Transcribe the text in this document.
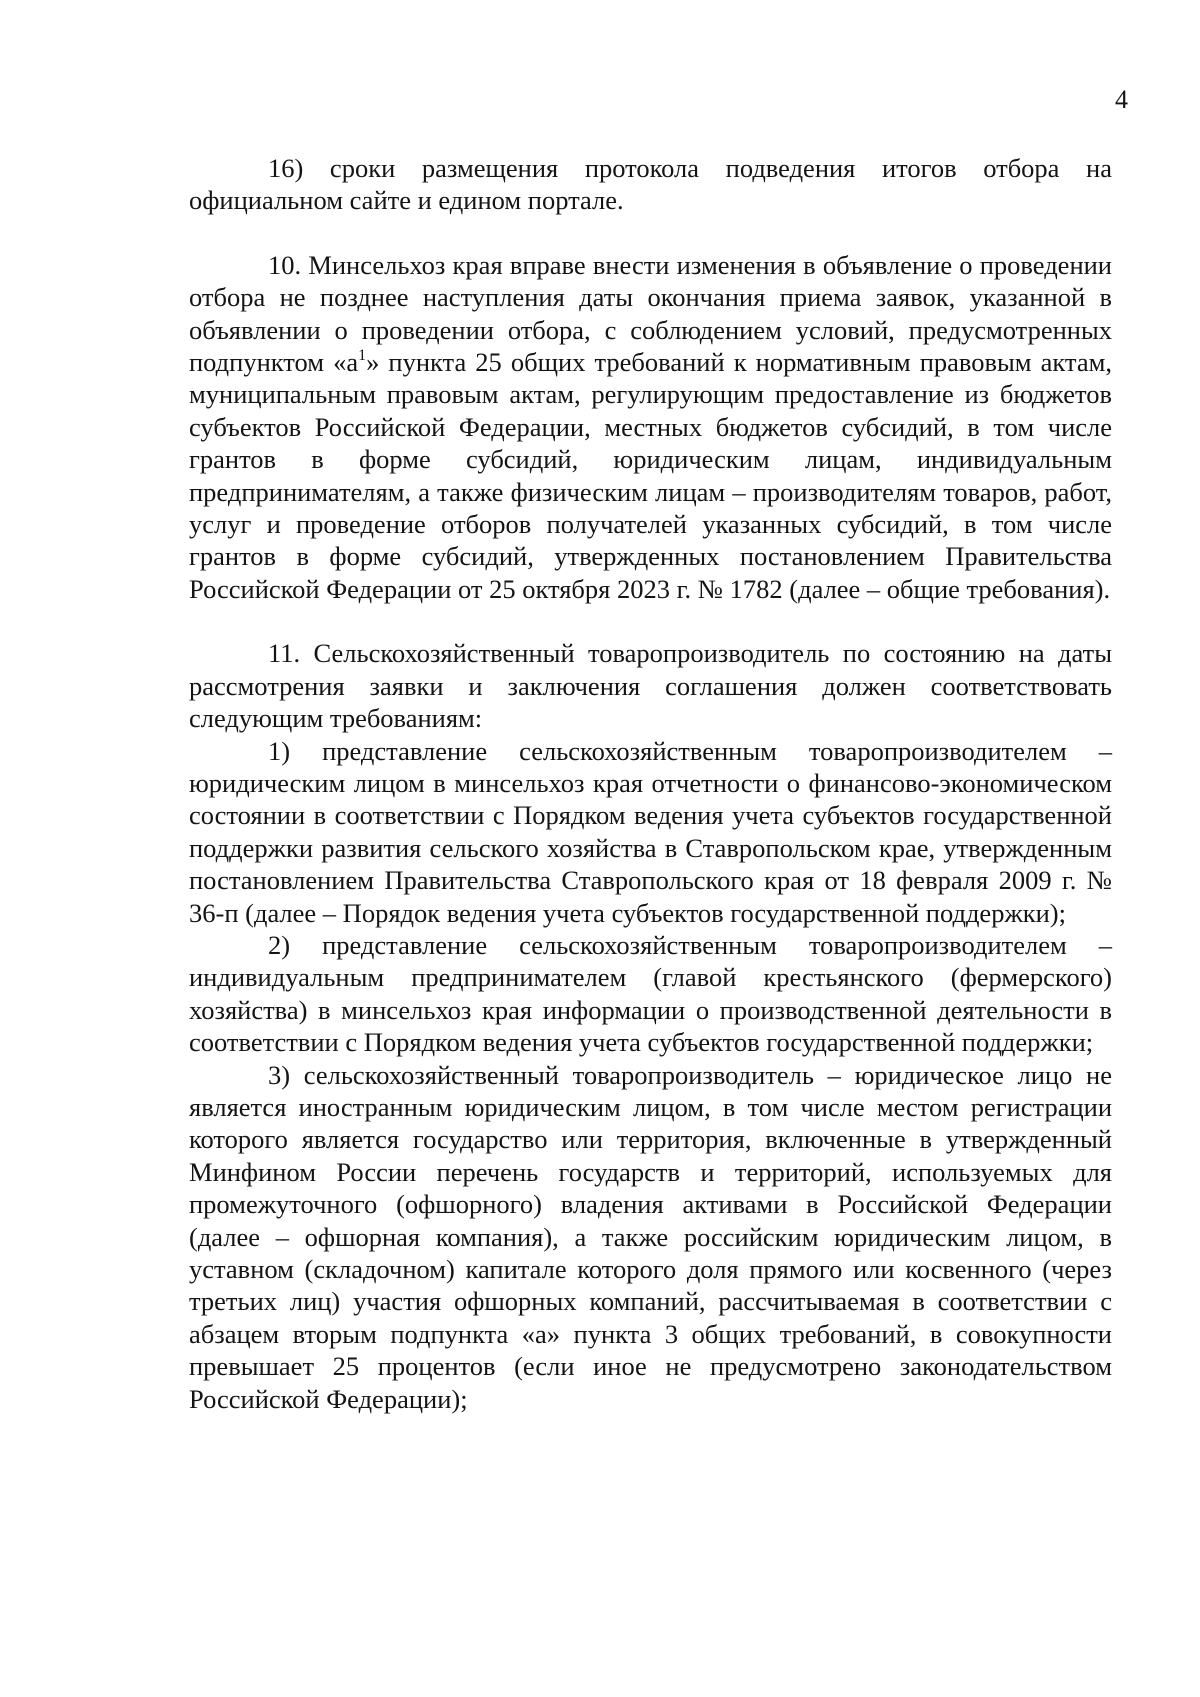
4

16) сроки размещения протокола подведения итогов отбора на официальном сайте и едином портале.

10. Минсельхоз края вправе внести изменения в объявление о проведении отбора не позднее наступления даты окончания приема заявок, указанной в объявлении о проведении отбора, с соблюдением условий, предусмотренных подпунктом «$а^1$» пункта 25 общих требований к нормативным правовым актам, муниципальным правовым актам, регулирующим предоставление из бюджетов субъектов Российской Федерации, местных бюджетов субсидий, в том числе грантов в форме субсидий, юридическим лицам, индивидуальным предпринимателям, а также физическим лицам – производителям товаров, работ, услуг и проведение отборов получателей указанных субсидий, в том числе грантов в форме субсидий, утвержденных постановлением Правительства Российской Федерации от 25 октября 2023 г. № 1782 (далее – общие требования).

11. Сельскохозяйственный товаропроизводитель по состоянию на даты рассмотрения заявки и заключения соглашения должен соответствовать следующим требованиям:

1) представление сельскохозяйственным товаропроизводителем – юридическим лицом в минсельхоз края отчетности о финансово-экономическом состоянии в соответствии с Порядком ведения учета субъектов государственной поддержки развития сельского хозяйства в Ставропольском крае, утвержденным постановлением Правительства Ставропольского края от 18 февраля 2009 г. № 36-п (далее – Порядок ведения учета субъектов государственной поддержки);

2) представление сельскохозяйственным товаропроизводителем – индивидуальным предпринимателем (главой крестьянского (фермерского) хозяйства) в минсельхоз края информации о производственной деятельности в соответствии с Порядком ведения учета субъектов государственной поддержки;

3) сельскохозяйственный товаропроизводитель – юридическое лицо не является иностранным юридическим лицом, в том числе местом регистрации которого является государство или территория, включенные в утвержденный Минфином России перечень государств и территорий, используемых для промежуточного (офшорного) владения активами в Российской Федерации (далее – офшорная компания), а также российским юридическим лицом, в уставном (складочном) капитале которого доля прямого или косвенного (через третьих лиц) участия офшорных компаний, рассчитываемая в соответствии с абзацем вторым подпункта «а» пункта 3 общих требований, в совокупности превышает 25 процентов (если иное не предусмотрено законодательством Российской Федерации);
